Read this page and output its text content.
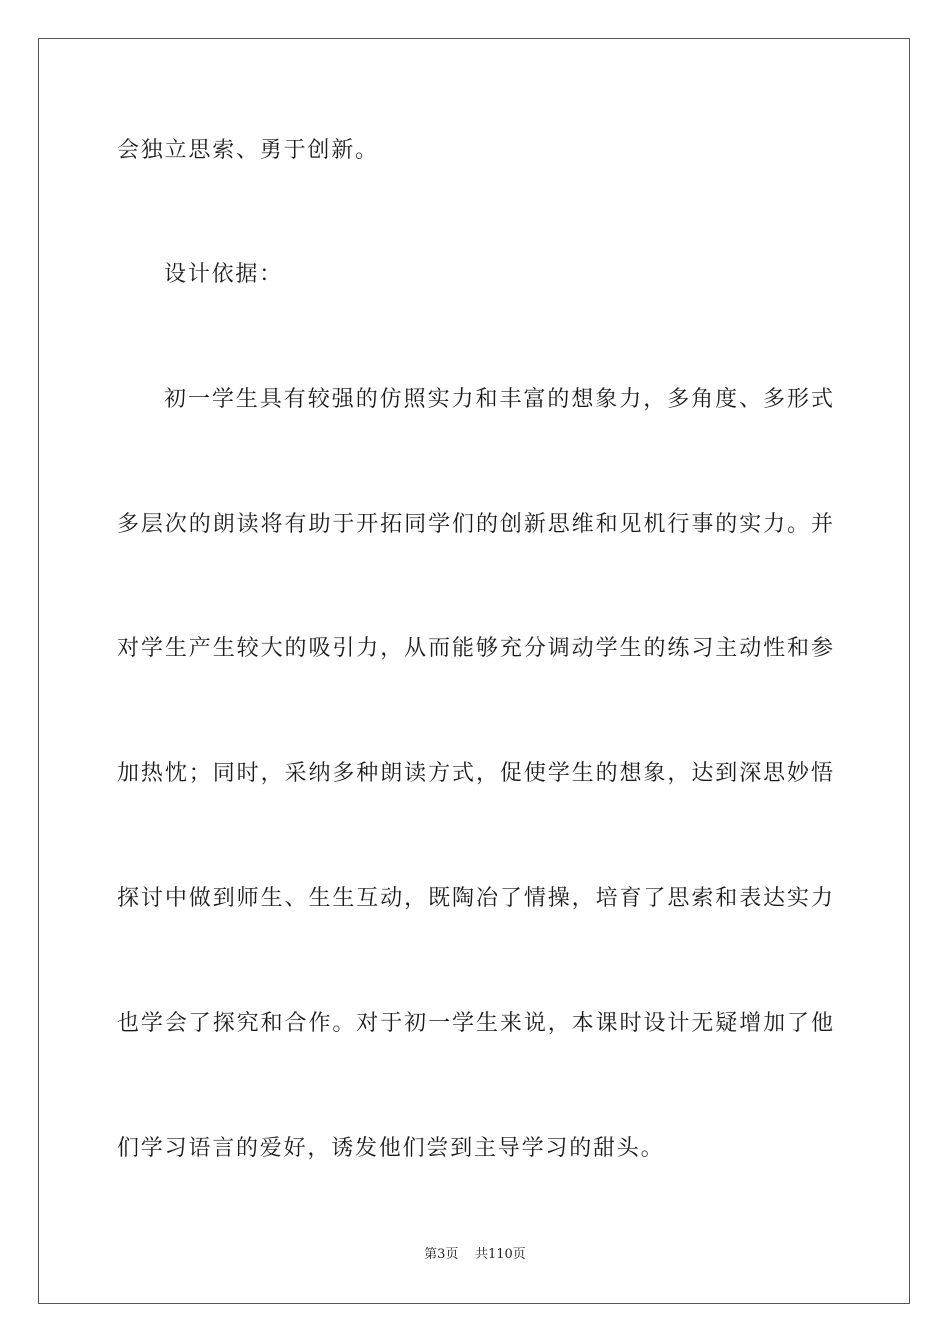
会独立思索、勇于创新。
设计依据：
初一学生具有较强的仿照实力和丰富的想象力，多角度、多形式
多层次的朗读将有助于开拓同学们的创新思维和见机行事的实力。并
对学生产生较大的吸引力，从而能够充分调动学生的练习主动性和参
加热忱；同时，采纳多种朗读方式，促使学生的想象，达到深思妙悟
探讨中做到师生、生生互动，既陶冶了情操，培育了思索和表达实力
也学会了探究和合作。对于初一学生来说，本课时设计无疑增加了他
们学习语言的爱好，诱发他们尝到主导学习的甜头。
第3页 共110页
